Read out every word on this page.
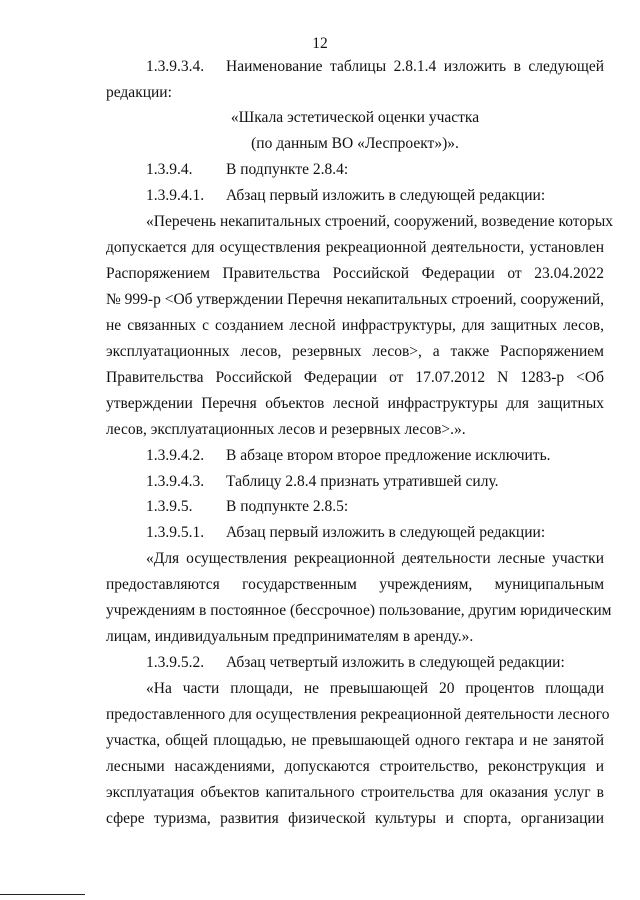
12
1.3.9.3.4. Наименование таблицы 2.8.1.4 изложить в следующей
редакции:
«Шкала эстетической оценки участка
(по данным ВО «Леспроект»)».
1.3.9.4. В подпункте 2.8.4:
1.3.9.4.1. Абзац первый изложить в следующей редакции:
«Перечень некапитальных строений, сооружений, возведение которых
допускается для осуществления рекреационной деятельности, установлен
Распоряжением Правительства Российской Федерации от 23.04.2022
№ 999-р <Об утверждении Перечня некапитальных строений, сооружений,
не связанных с созданием лесной инфраструктуры, для защитных лесов,
эксплуатационных лесов, резервных лесов>, а также Распоряжением
Правительства Российской Федерации от 17.07.2012 N 1283-р <Об
утверждении Перечня объектов лесной инфраструктуры для защитных
лесов, эксплуатационных лесов и резервных лесов>.».
1.3.9.4.2. В абзаце втором второе предложение исключить.
1.3.9.4.3. Таблицу 2.8.4 признать утратившей силу.
1.3.9.5. В подпункте 2.8.5:
1.3.9.5.1. Абзац первый изложить в следующей редакции:
«Для осуществления рекреационной деятельности лесные участки
предоставляются государственным учреждениям, муниципальным
учреждениям в постоянное (бессрочное) пользование, другим юридическим
лицам, индивидуальным предпринимателям в аренду.».
1.3.9.5.2. Абзац четвертый изложить в следующей редакции:
«На части площади, не превышающей 20 процентов площади
предоставленного для осуществления рекреационной деятельности лесного
участка, общей площадью, не превышающей одного гектара и не занятой
лесными насаждениями, допускаются строительство, реконструкция и
эксплуатация объектов капитального строительства для оказания услуг в
сфере туризма, развития физической культуры и спорта, организации
